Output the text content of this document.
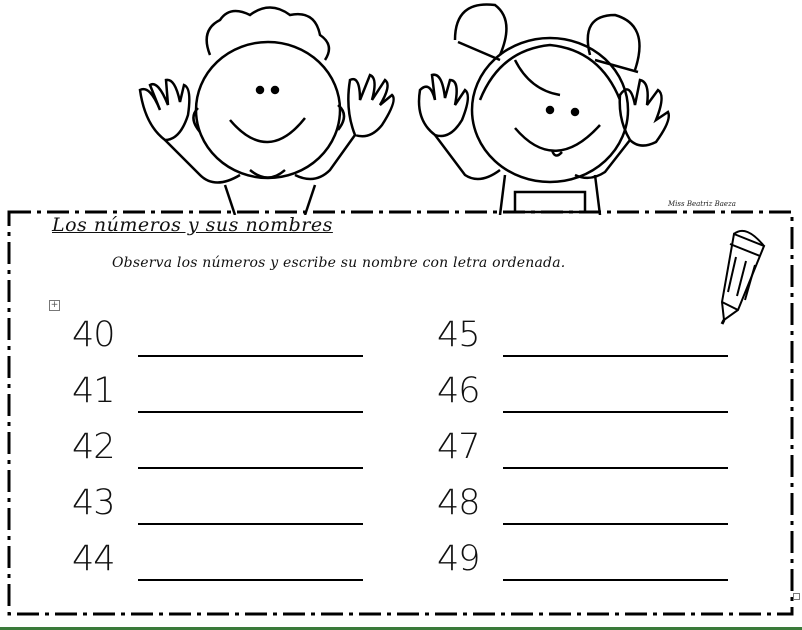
Miss Beatriz Baeza
Los números y sus nombres
Observa los números y escribe su nombre con letra ordenada.
+
40
41
42
43
44
45
46
47
48
49
